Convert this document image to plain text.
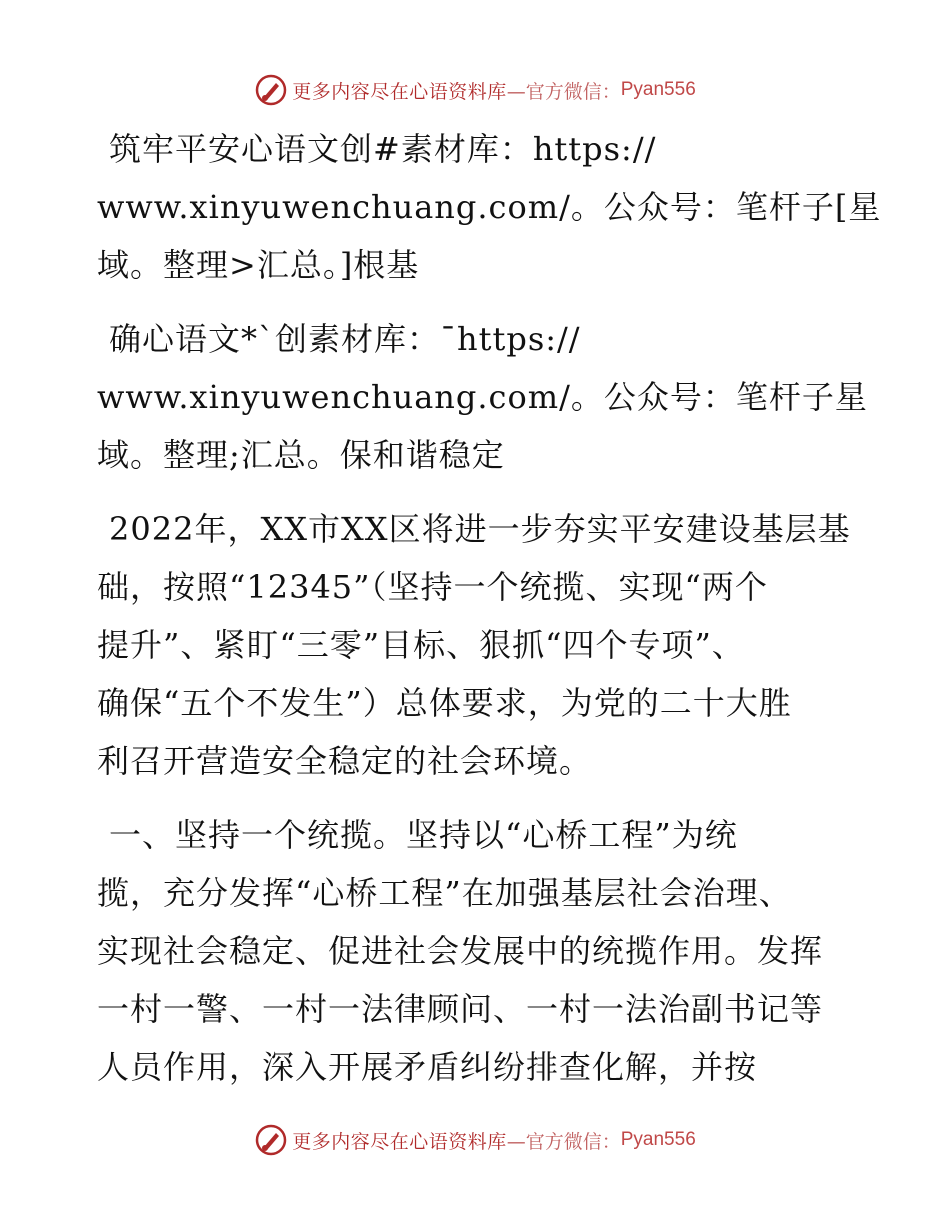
更多内容尽在心语资料库 —官方微信： Pyan556

筑牢平安心语文创#素材库：https://
www.xinyuwenchuang.com/。公众号：笔杆子[星
域。整理>汇总。]根基

确心语文*`创素材库：¯https://
www.xinyuwenchuang.com/。公众号：笔杆子星
域。整理;汇总。保和谐稳定

2022年，XX市XX区将进一步夯实平安建设基层基
础，按照“12345”（坚持一个统揽、实现“两个
提升”、紧盯“三零”目标、狠抓“四个专项”、
确保“五个不发生”）总体要求，为党的二十大胜
利召开营造安全稳定的社会环境。

一、坚持一个统揽。坚持以“心桥工程”为统
揽，充分发挥“心桥工程”在加强基层社会治理、
实现社会稳定、促进社会发展中的统揽作用。发挥
一村一警、一村一法律顾问、一村一法治副书记等
人员作用，深入开展矛盾纠纷排查化解，并按

更多内容尽在心语资料库 —官方微信： Pyan556
